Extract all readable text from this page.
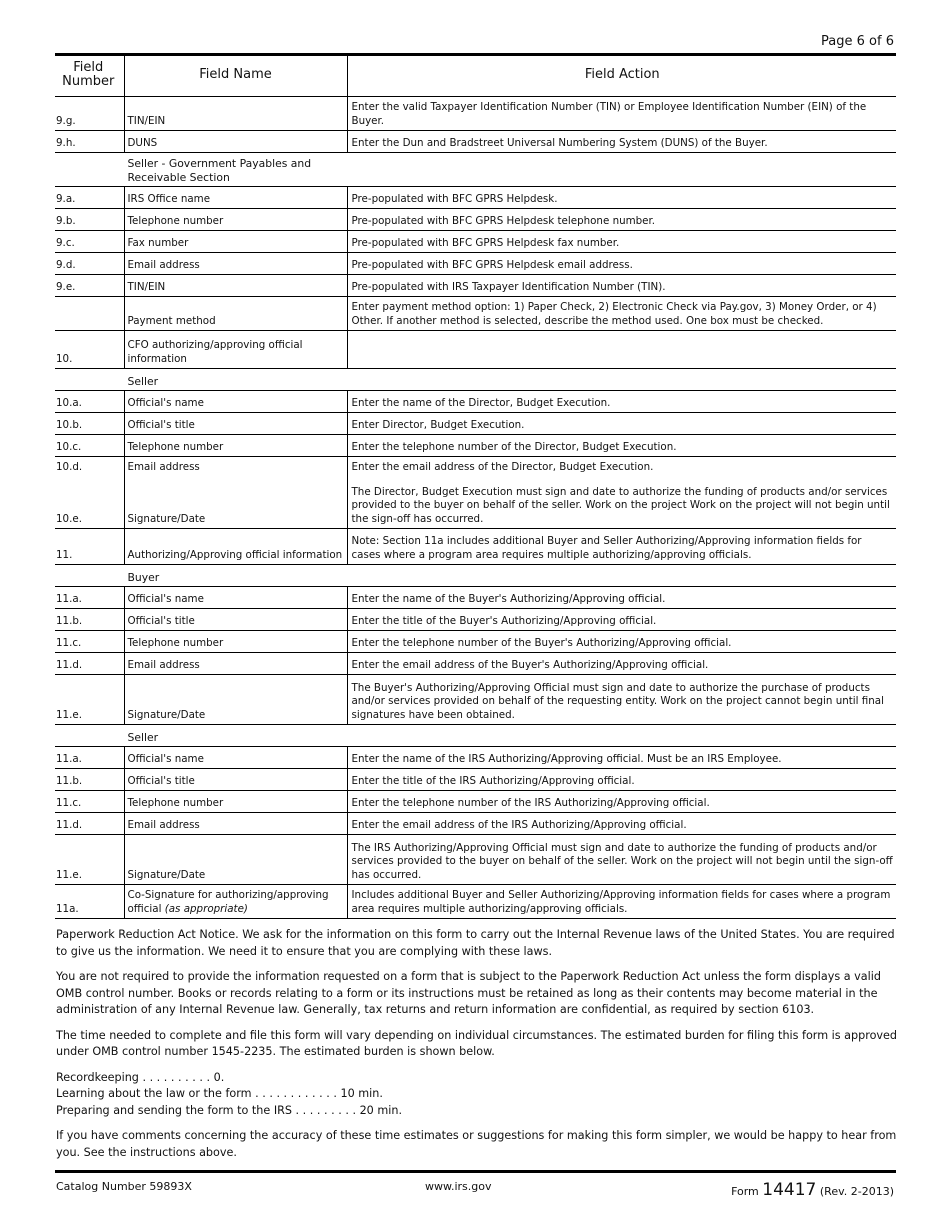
Page 6 of 6
Field Number	Field Name	Field Action
9.g.	TIN/EIN	Enter the valid Taxpayer Identification Number (TIN) or Employee Identification Number (EIN) of the Buyer.
9.h.	DUNS	Enter the Dun and Bradstreet Universal Numbering System (DUNS) of the Buyer.
	Seller - Government Payables and Receivable Section	
9.a.	IRS Office name	Pre-populated with BFC GPRS Helpdesk.
9.b.	Telephone number	Pre-populated with BFC GPRS Helpdesk telephone number.
9.c.	Fax number	Pre-populated with BFC GPRS Helpdesk fax number.
9.d.	Email address	Pre-populated with BFC GPRS Helpdesk email address.
9.e.	TIN/EIN	Pre-populated with IRS Taxpayer Identification Number (TIN).
	Payment method	Enter payment method option: 1) Paper Check, 2) Electronic Check via Pay.gov, 3) Money Order, or 4) Other. If another method is selected, describe the method used. One box must be checked.
10.	CFO authorizing/approving official information	
	Seller	
10.a.	Official's name	Enter the name of the Director, Budget Execution.
10.b.	Official's title	Enter Director, Budget Execution.
10.c.	Telephone number	Enter the telephone number of the Director, Budget Execution.
10.d.	Email address	Enter the email address of the Director, Budget Execution.
10.e.	Signature/Date	The Director, Budget Execution must sign and date to authorize the funding of products and/or services provided to the buyer on behalf of the seller. Work on the project Work on the project will not begin until the sign-off has occurred.
11.	Authorizing/Approving official information	Note: Section 11a includes additional Buyer and Seller Authorizing/Approving information fields for cases where a program area requires multiple authorizing/approving officials.
	Buyer	
11.a.	Official's name	Enter the name of the Buyer's Authorizing/Approving official.
11.b.	Official's title	Enter the title of the Buyer's Authorizing/Approving official.
11.c.	Telephone number	Enter the telephone number of the Buyer's Authorizing/Approving official.
11.d.	Email address	Enter the email address of the Buyer's Authorizing/Approving official.
11.e.	Signature/Date	The Buyer's Authorizing/Approving Official must sign and date to authorize the purchase of products and/or services provided on behalf of the requesting entity. Work on the project cannot begin until final signatures have been obtained.
	Seller	
11.a.	Official's name	Enter the name of the IRS Authorizing/Approving official. Must be an IRS Employee.
11.b.	Official's title	Enter the title of the IRS Authorizing/Approving official.
11.c.	Telephone number	Enter the telephone number of the IRS Authorizing/Approving official.
11.d.	Email address	Enter the email address of the IRS Authorizing/Approving official.
11.e.	Signature/Date	The IRS Authorizing/Approving Official must sign and date to authorize the funding of products and/or services provided to the buyer on behalf of the seller. Work on the project will not begin until the sign-off has occurred.
11a.	Co-Signature for authorizing/approving official (as appropriate)	Includes additional Buyer and Seller Authorizing/Approving information fields for cases where a program area requires multiple authorizing/approving officials.

Paperwork Reduction Act Notice. We ask for the information on this form to carry out the Internal Revenue laws of the United States. You are required to give us the information. We need it to ensure that you are complying with these laws.

You are not required to provide the information requested on a form that is subject to the Paperwork Reduction Act unless the form displays a valid OMB control number. Books or records relating to a form or its instructions must be retained as long as their contents may become material in the administration of any Internal Revenue law. Generally, tax returns and return information are confidential, as required by section 6103.

The time needed to complete and file this form will vary depending on individual circumstances. The estimated burden for filing this form is approved under OMB control number 1545-2235. The estimated burden is shown below.

Recordkeeping . . . . . . . . . . 0.
Learning about the law or the form . . . . . . . . . . . . 10 min.
Preparing and sending the form to the IRS . . . . . . . . . 20 min.

If you have comments concerning the accuracy of these time estimates or suggestions for making this form simpler, we would be happy to hear from you. See the instructions above.

Catalog Number 59893X	www.irs.gov	Form 14417 (Rev. 2-2013)
